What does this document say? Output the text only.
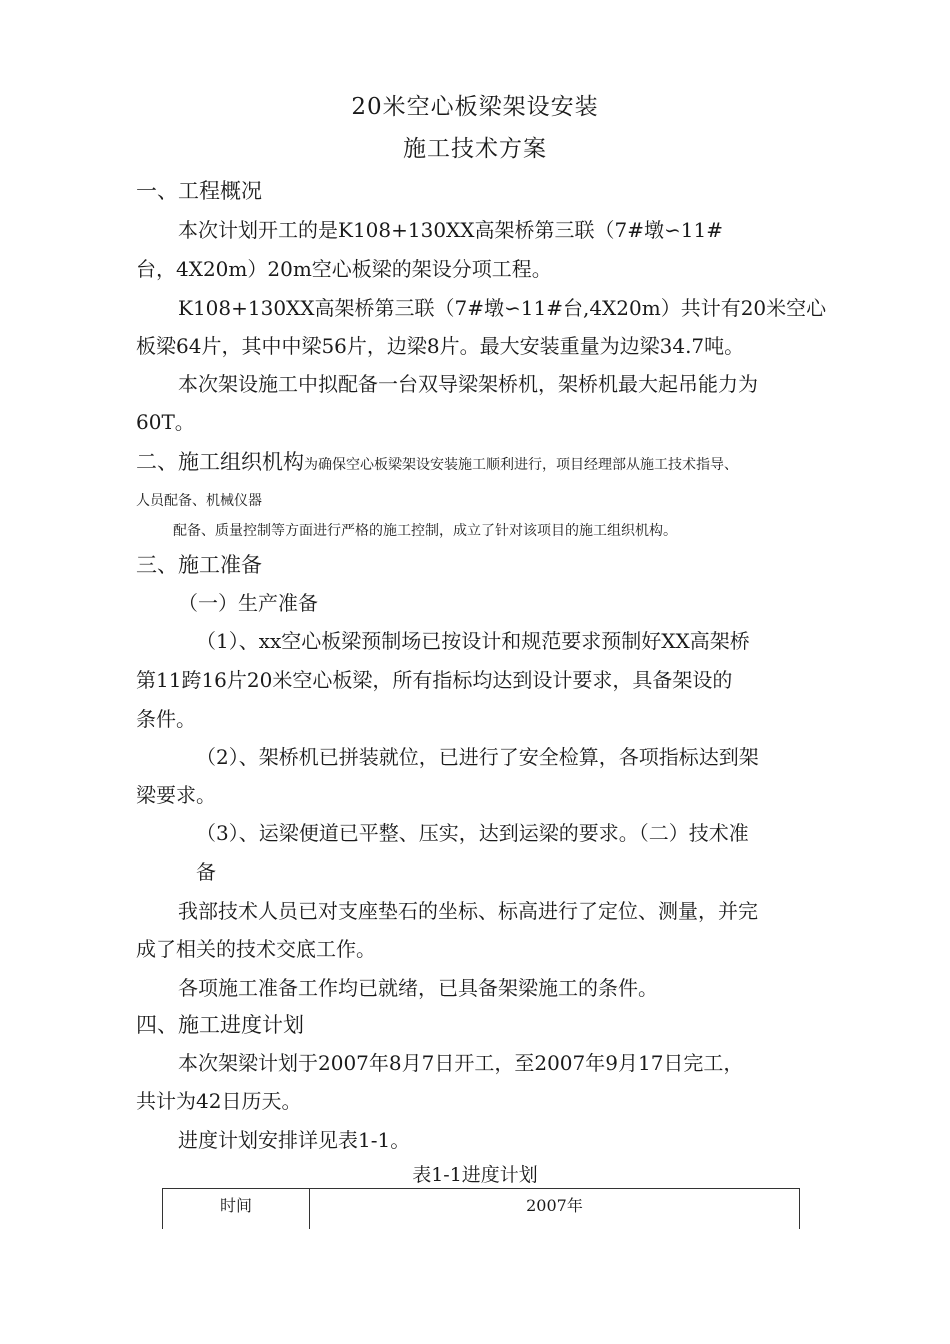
20米空心板梁架设安装
施工技术方案
一、工程概况
本次计划开工的是K108+130XX高架桥第三联（7#墩∽11#
台，4X20m）20m空心板梁的架设分项工程。
K108+130XX高架桥第三联（7#墩∽11#台,4X20m）共计有20米空心
板梁64片，其中中梁56片，边梁8片。最大安装重量为边梁34.7吨。
本次架设施工中拟配备一台双导梁架桥机，架桥机最大起吊能力为
60T。
二、施工组织机构为确保空心板梁架设安装施工顺利进行，项目经理部从施工技术指导、
人员配备、机械仪器
配备、质量控制等方面进行严格的施工控制，成立了针对该项目的施工组织机构。
三、施工准备
（一）生产准备
（1）、xx空心板梁预制场已按设计和规范要求预制好XX高架桥
第11跨16片20米空心板梁，所有指标均达到设计要求，具备架设的
条件。
（2）、架桥机已拼装就位，已进行了安全检算，各项指标达到架
梁要求。
（3）、运梁便道已平整、压实，达到运梁的要求。（二）技术准
备
我部技术人员已对支座垫石的坐标、标高进行了定位、测量，并完
成了相关的技术交底工作。
各项施工准备工作均已就绪，已具备架梁施工的条件。
四、施工进度计划
本次架梁计划于2007年8月7日开工，至2007年9月17日完工，
共计为42日历天。
进度计划安排详见表1-1。
表1-1进度计划
时间	2007年
